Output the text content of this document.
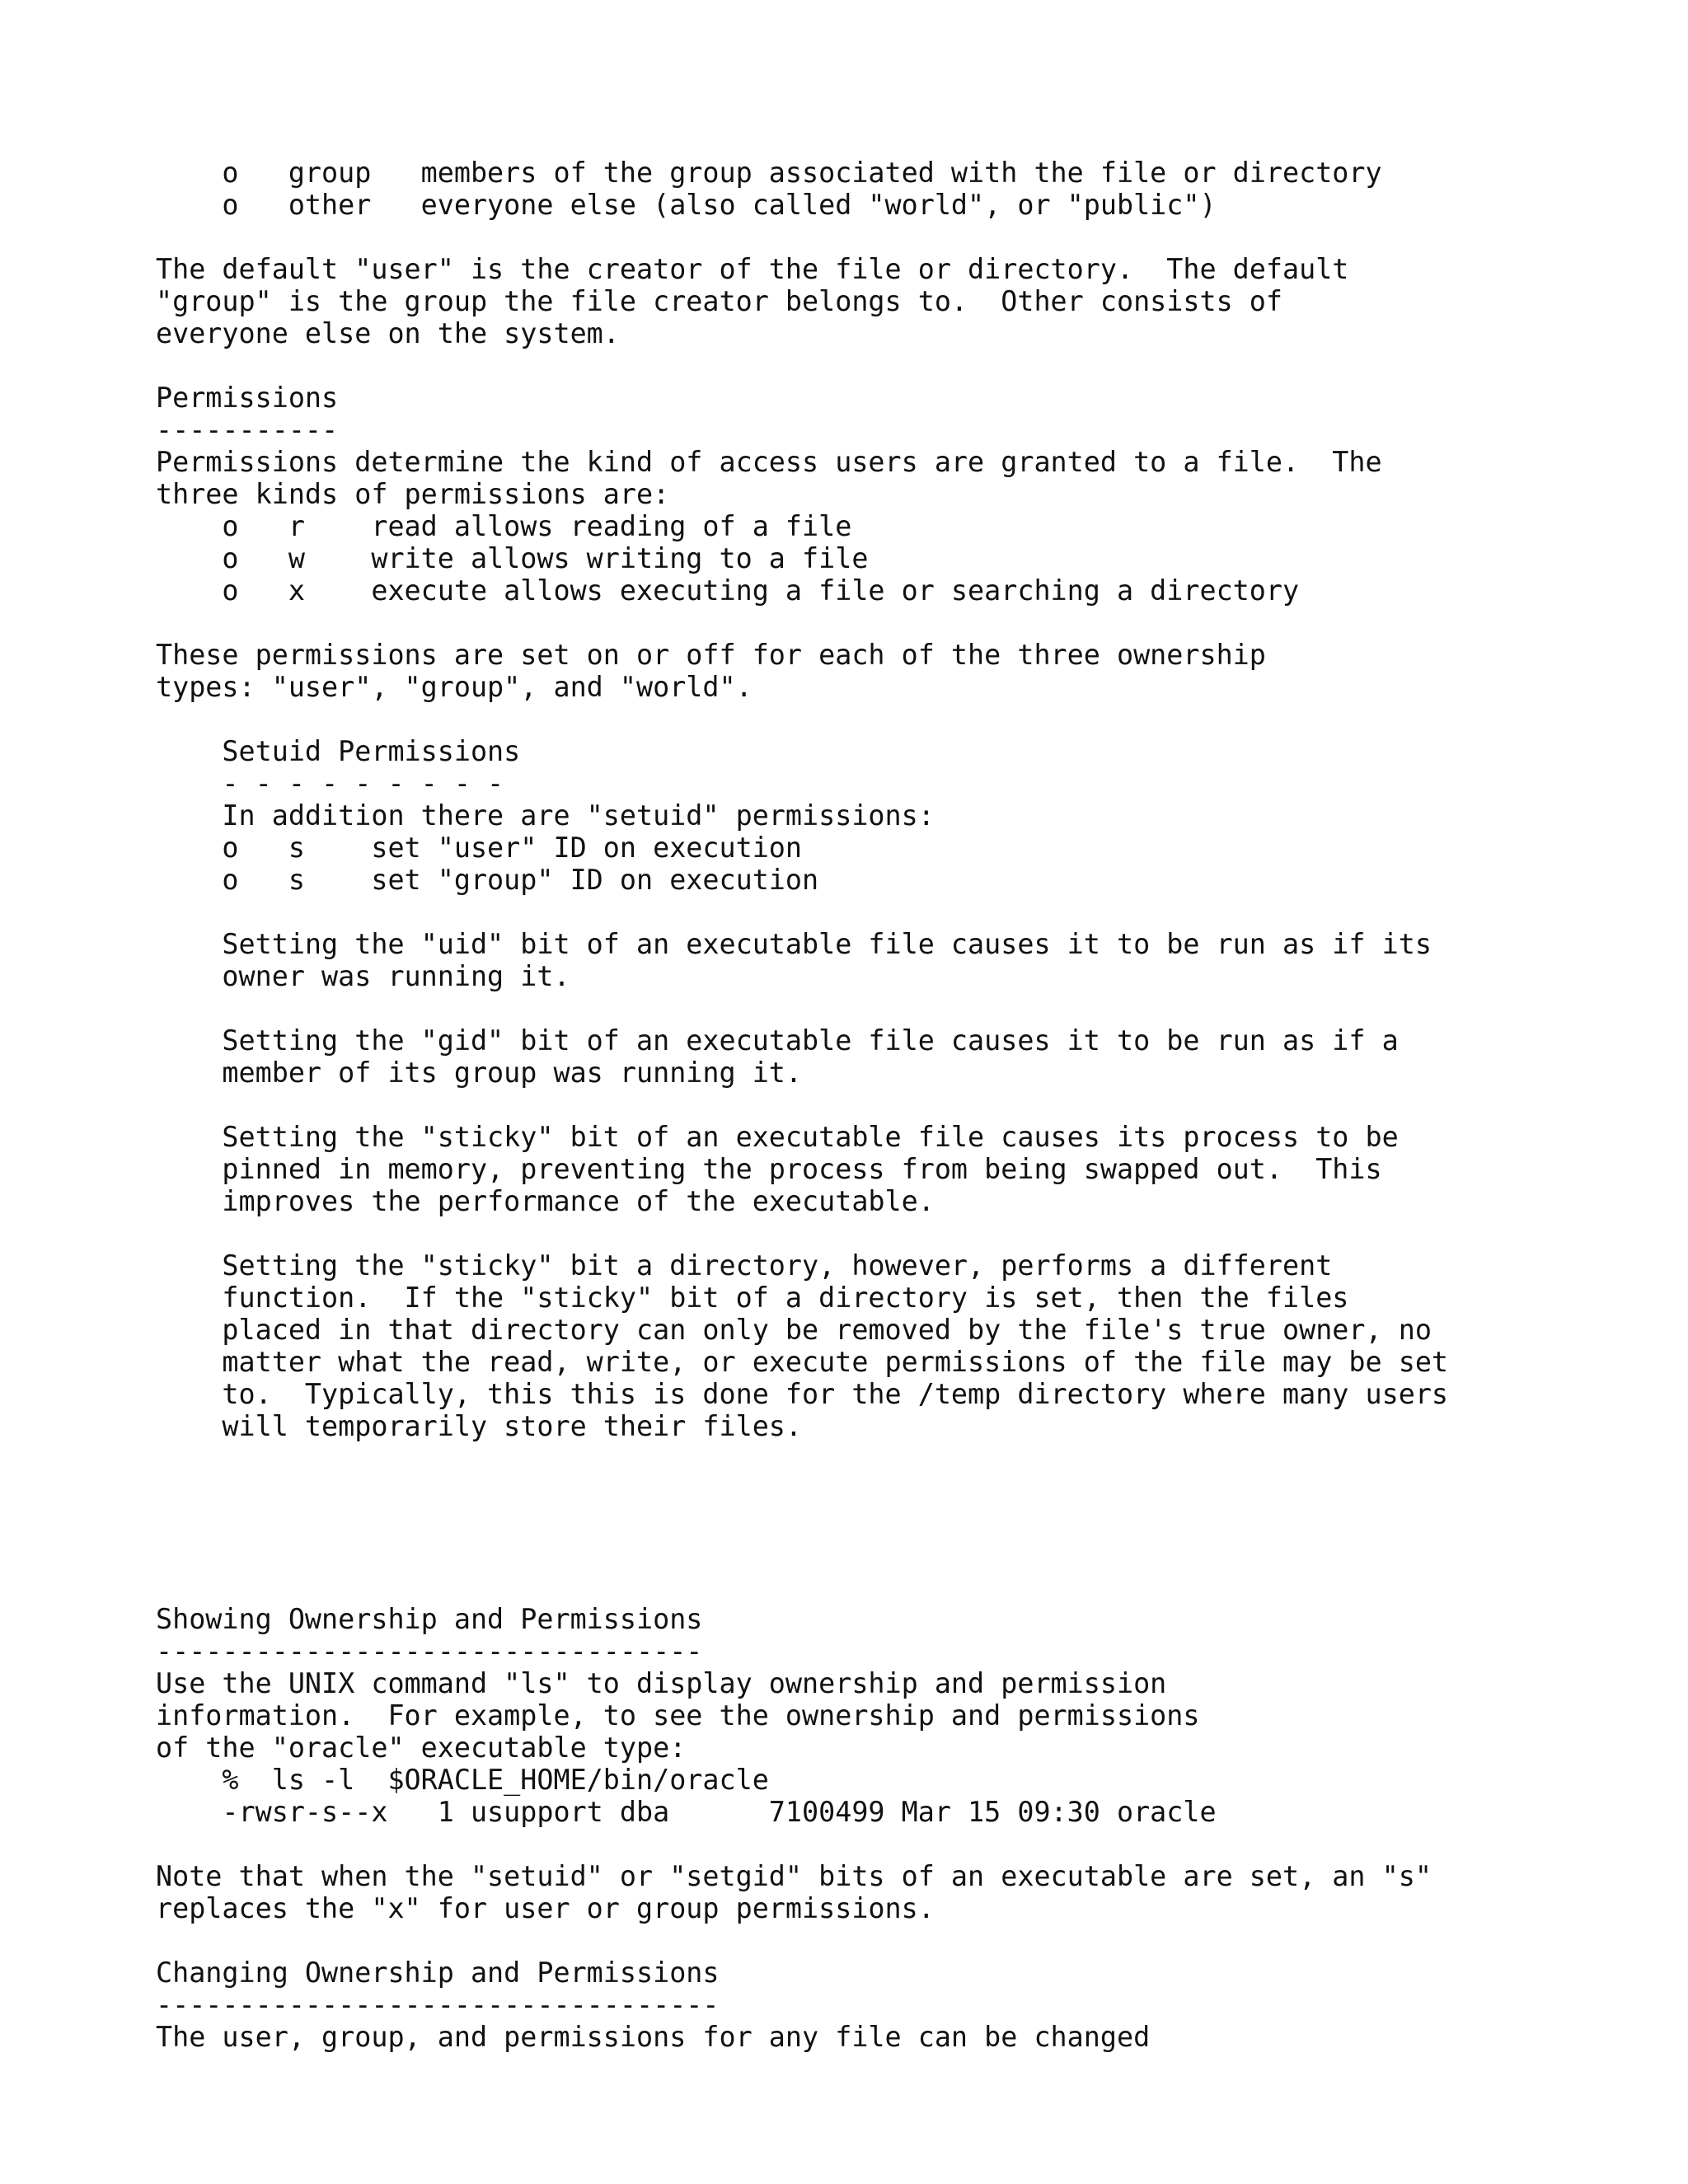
o   group   members of the group associated with the file or directory
o   other   everyone else (also called "world", or "public")
The default "user" is the creator of the file or directory.  The default
"group" is the group the file creator belongs to.  Other consists of
everyone else on the system.
Permissions
-----------
Permissions determine the kind of access users are granted to a file.  The
three kinds of permissions are:
o   r    read allows reading of a file
o   w    write allows writing to a file
o   x    execute allows executing a file or searching a directory
These permissions are set on or off for each of the three ownership
types: "user", "group", and "world".
Setuid Permissions
- - - - - - - - -
In addition there are "setuid" permissions:
o   s    set "user" ID on execution
o   s    set "group" ID on execution
Setting the "uid" bit of an executable file causes it to be run as if its
owner was running it.
Setting the "gid" bit of an executable file causes it to be run as if a
member of its group was running it.
Setting the "sticky" bit of an executable file causes its process to be
pinned in memory, preventing the process from being swapped out.  This
improves the performance of the executable.
Setting the "sticky" bit a directory, however, performs a different
function.  If the "sticky" bit of a directory is set, then the files
placed in that directory can only be removed by the file's true owner, no
matter what the read, write, or execute permissions of the file may be set
to.  Typically, this this is done for the /temp directory where many users
will temporarily store their files.
Showing Ownership and Permissions
---------------------------------
Use the UNIX command "ls" to display ownership and permission
information.  For example, to see the ownership and permissions
of the "oracle" executable type:
%  ls -l  $ORACLE_HOME/bin/oracle
-rwsr-s--x   1 usupport dba      7100499 Mar 15 09:30 oracle
Note that when the "setuid" or "setgid" bits of an executable are set, an "s"
replaces the "x" for user or group permissions.
Changing Ownership and Permissions
----------------------------------
The user, group, and permissions for any file can be changed
